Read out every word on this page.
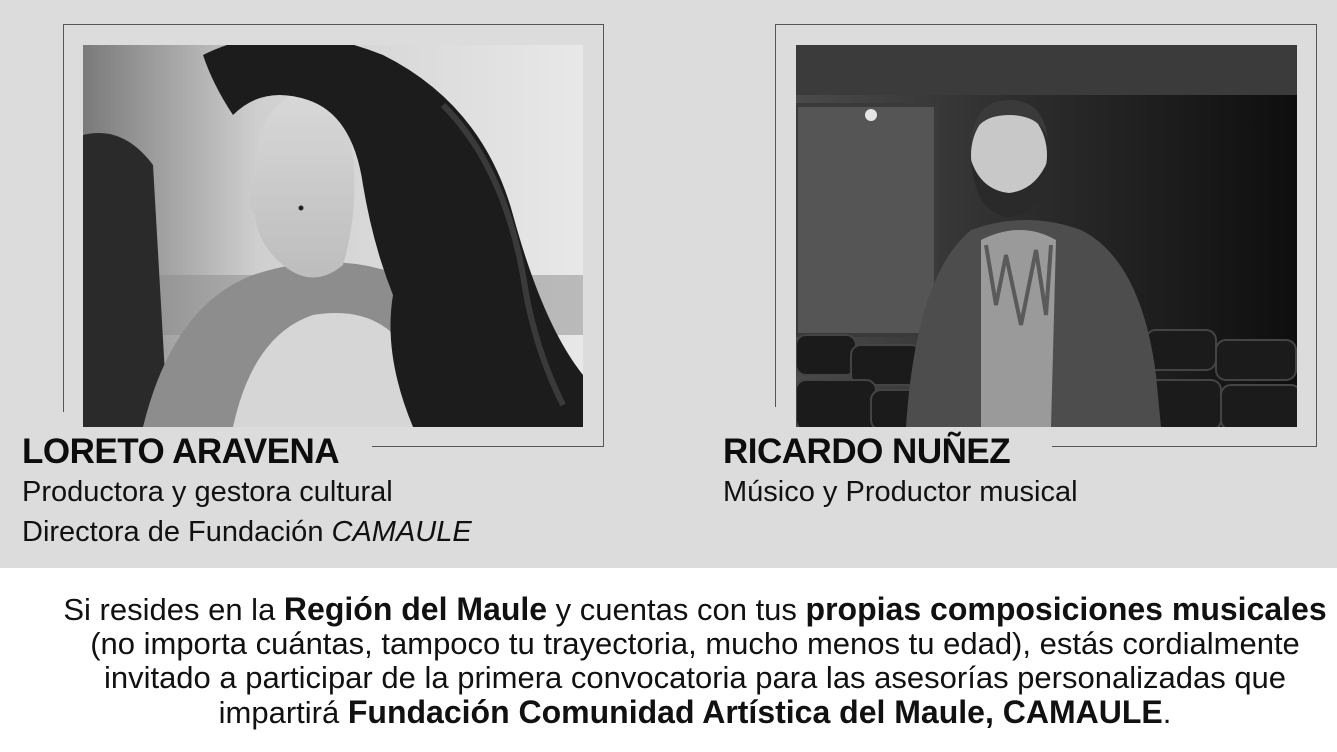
LORETO ARAVENA
Productora y gestora cultural
Directora de Fundación CAMAULE
RICARDO NUÑEZ
Músico y Productor musical
Si resides en la Región del Maule y cuentas con tus propias composiciones musicales (no importa cuántas, tampoco tu trayectoria, mucho menos tu edad), estás cordialmente invitado a participar de la primera convocatoria para las asesorías personalizadas que impartirá Fundación Comunidad Artística del Maule, CAMAULE.
